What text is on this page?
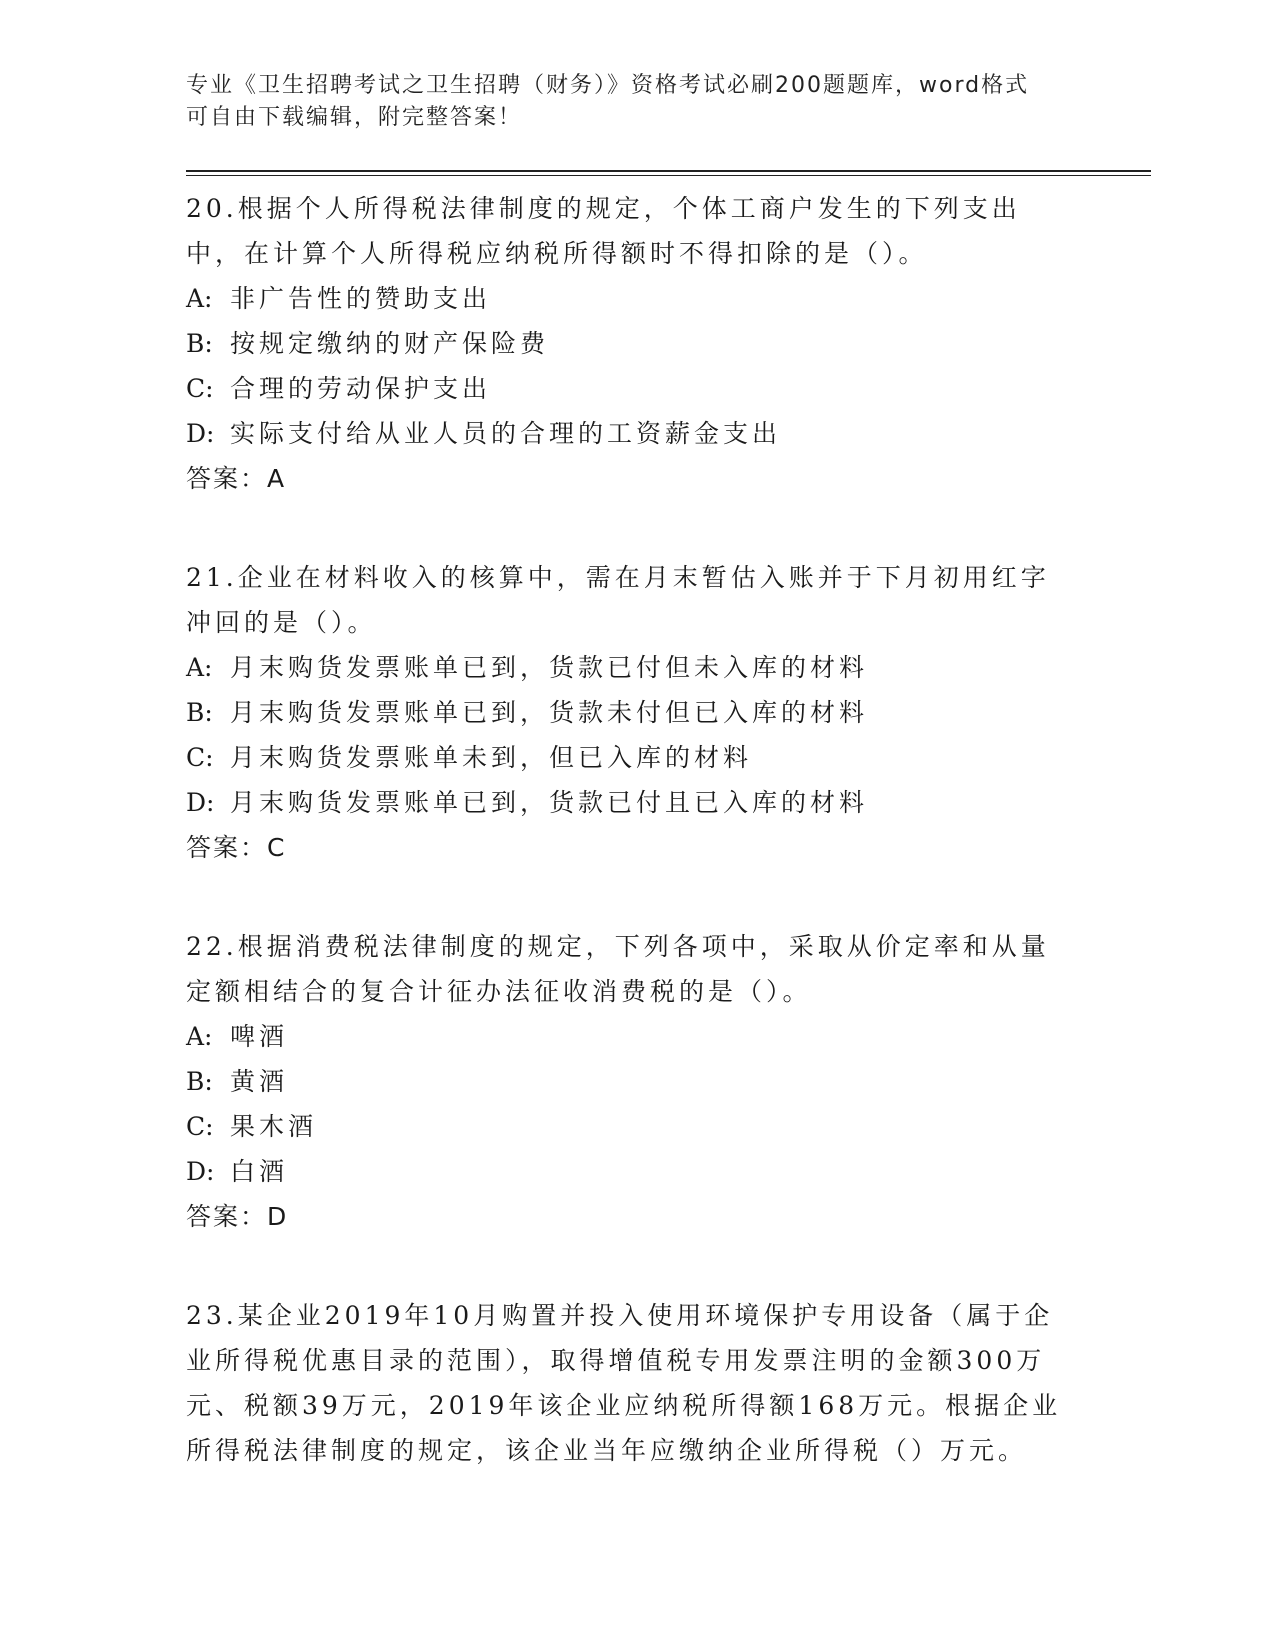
专业《卫生招聘考试之卫生招聘（财务）》资格考试必刷200题题库，word格式
可自由下载编辑，附完整答案！
20.根据个人所得税法律制度的规定，个体工商户发生的下列支出中，在计算个人所得税应纳税所得额时不得扣除的是（）。
A: 非广告性的赞助支出
B: 按规定缴纳的财产保险费
C: 合理的劳动保护支出
D: 实际支付给从业人员的合理的工资薪金支出
答案：A
21.企业在材料收入的核算中，需在月末暂估入账并于下月初用红字冲回的是（）。
A: 月末购货发票账单已到，货款已付但未入库的材料
B: 月末购货发票账单已到，货款未付但已入库的材料
C: 月末购货发票账单未到，但已入库的材料
D: 月末购货发票账单已到，货款已付且已入库的材料
答案：C
22.根据消费税法律制度的规定，下列各项中，采取从价定率和从量定额相结合的复合计征办法征收消费税的是（）。
A: 啤酒
B: 黄酒
C: 果木酒
D: 白酒
答案：D
23.某企业2019年10月购置并投入使用环境保护专用设备（属于企业所得税优惠目录的范围），取得增值税专用发票注明的金额300万元、税额39万元，2019年该企业应纳税所得额168万元。根据企业所得税法律制度的规定，该企业当年应缴纳企业所得税（）万元。
